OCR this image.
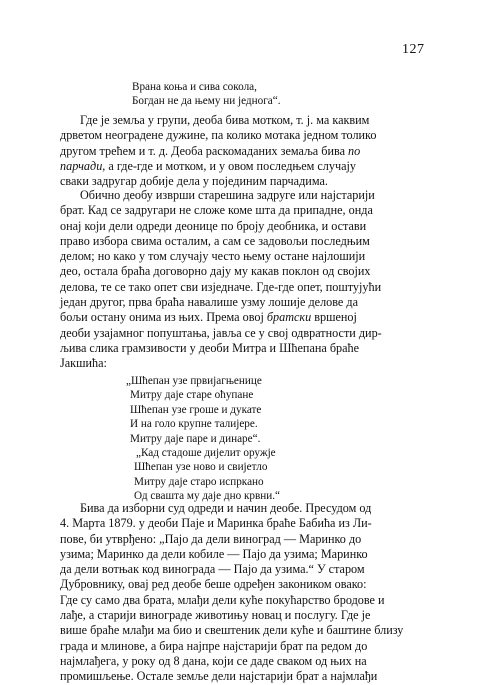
127
Врана коња и сива сокола,
Богдан не да њему ни једнога“.
Где је земља у групи, деоба бива мотком, т. ј. ма каквим
дрветом неоградене дужине, па колико мотака једном толико
другом трећем и т. д. Деоба раскомаданих земаља бива по
парчади, а где-где и мотком, и у овом последњем случају
сваки задругар добије дела у појединим парчадима.
Обично деобу изврши старешина задруге или најстарији
брат. Кад се задругари не сложе коме шта да припадне, онда
онај који дели одреди деонице по броју деобника, и остави
право избора свима осталим, а сам се задовољи последњим
делом; но како у том случају често њему остане најлошији
део, остала браћа договорно дају му какав поклон од својих
делова, те се тако опет сви изједначе. Где-где опет, поштујући
један другог, прва браћа навалише узму лошије делове да
бољи остану онима из њих. Према овој братски вршеној
деоби узајамног попуштања, јавља се у свој одвратности дир-
љива слика грамзивости у деоби Митра и Шћепана браће
Јакшића:
„Шћепан узе првијагњенице
Митру даје старе оћупане
Шћепан узе гроше и дукате
И на голо крупне талијере.
Митру даје паре и динаре“.
„Кад стадоше дијелит оружје
Шћепан узе ново и свијетло
Митру даје старо испркано
Од свашта му даје дно крвни.“
Бива да изборни суд одреди и начин деобе. Пресудом од
4. Марта 1879. у деоби Паје и Маринка браће Бабића из Ли-
пове, би утврђено: „Пајо да дели виноград — Маринко до
узима; Маринко да дели кобиле — Пајо да узима; Маринко
да дели вотњак код винограда — Пајо да узима.“ У старом
Дубровнику, овај ред деобе беше одређен закоником овако:
Где су само два брата, млађи дели куће покућарство бродове и
лађе, а старији винограде животињу новац и послугу. Где је
више браће млађи ма био и свештеник дели куће и баштине близу
града и млинове, а бира најпре најстарији брат па редом до
најмлађега, у року од 8 дана, који се даде сваком од њих на
промишљење. Остале земље дели најстарији брат а најмлађи
